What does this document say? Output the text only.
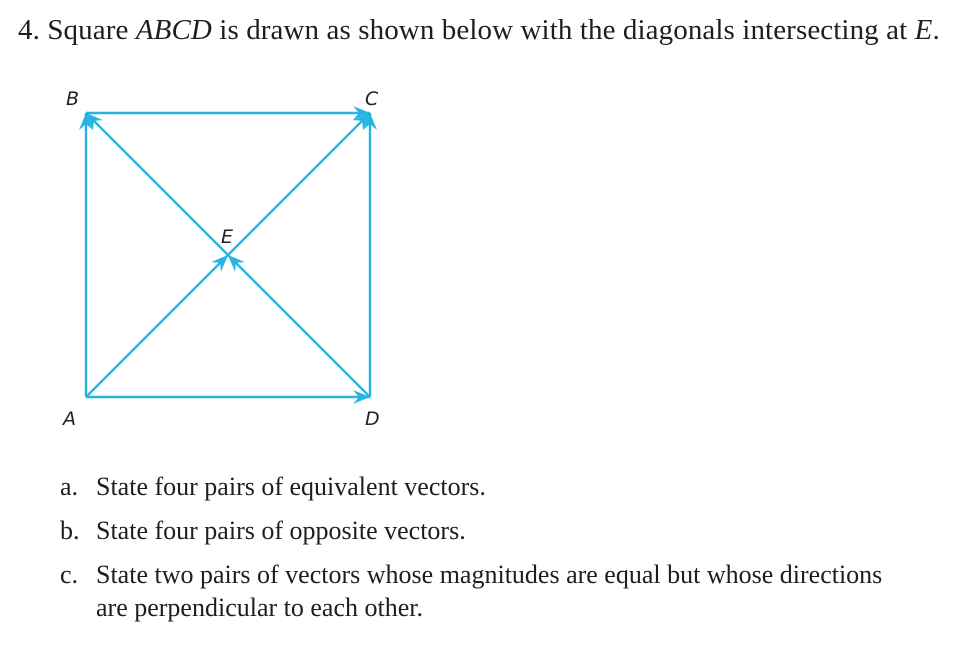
4. Square ABCD is drawn as shown below with the diagonals intersecting at E.
B	C
E
A	D
a. State four pairs of equivalent vectors.
b. State four pairs of opposite vectors.
c. State two pairs of vectors whose magnitudes are equal but whose directions are perpendicular to each other.
